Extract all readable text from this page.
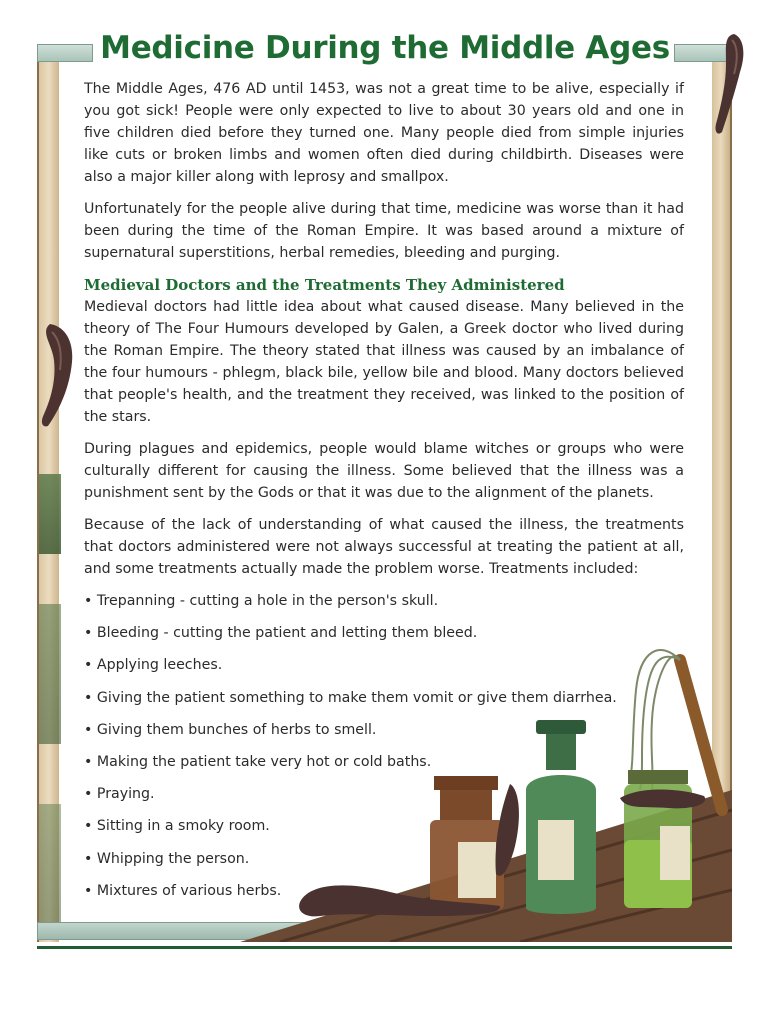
Medicine During the Middle Ages

The Middle Ages, 476 AD until 1453, was not a great time to be alive, especially if you got sick! People were only expected to live to about 30 years old and one in five children died before they turned one. Many people died from simple injuries like cuts or broken limbs and women often died during childbirth. Diseases were also a major killer along with leprosy and smallpox.

Unfortunately for the people alive during that time, medicine was worse than it had been during the time of the Roman Empire. It was based around a mixture of supernatural superstitions, herbal remedies, bleeding and purging.

Medieval Doctors and the Treatments They Administered

Medieval doctors had little idea about what caused disease. Many believed in the theory of The Four Humours developed by Galen, a Greek doctor who lived during the Roman Empire. The theory stated that illness was caused by an imbalance of the four humours - phlegm, black bile, yellow bile and blood. Many doctors believed that people's health, and the treatment they received, was linked to the position of the stars.

During plagues and epidemics, people would blame witches or groups who were culturally different for causing the illness. Some believed that the illness was a punishment sent by the Gods or that it was due to the alignment of the planets.

Because of the lack of understanding of what caused the illness, the treatments that doctors administered were not always successful at treating the patient at all, and some treatments actually made the problem worse. Treatments included:

• Trepanning - cutting a hole in the person's skull.
• Bleeding - cutting the patient and letting them bleed.
• Applying leeches.
• Giving the patient something to make them vomit or give them diarrhea.
• Giving them bunches of herbs to smell.
• Making the patient take very hot or cold baths.
• Praying.
• Sitting in a smoky room.
• Whipping the person.
• Mixtures of various herbs.
